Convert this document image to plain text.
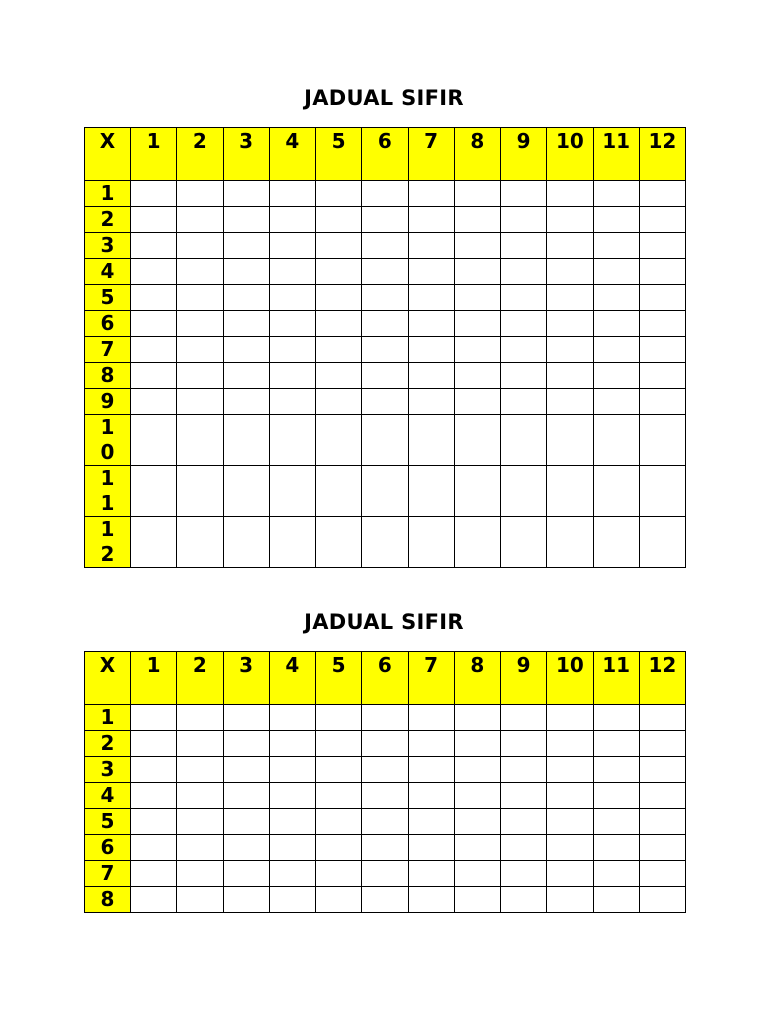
JADUAL SIFIR
X	1	2	3	4	5	6	7	8	9	10	11	12
1												
2												
3												
4												
5												
6												
7												
8												
9												
10												
11												
12												
JADUAL SIFIR
X	1	2	3	4	5	6	7	8	9	10	11	12
1												
2												
3												
4												
5												
6												
7												
8												
